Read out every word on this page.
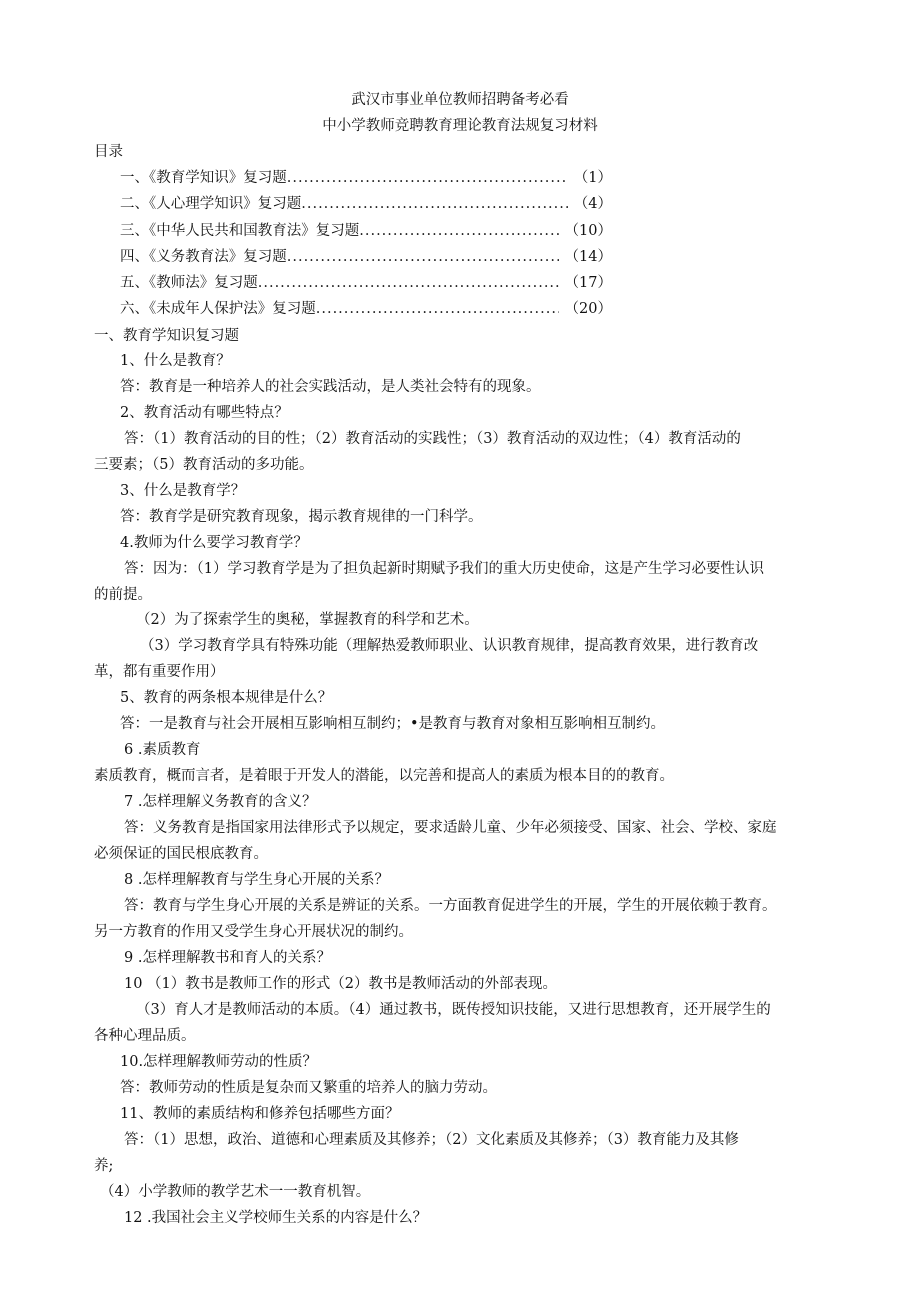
武汉市事业单位教师招聘备考必看
中小学教师竞聘教育理论教育法规复习材料
目录
一、《教育学知识》复习题 .....	（1）
二、《人心理学知识》复习题 .....	（4）
三、《中华人民共和国教育法》复习题 .....	（10）
四、《义务教育法》复习题 .....	（14）
五、《教师法》复习题 .....	（17）
六、《未成年人保护法》复习题 .....	（20）
一、教育学知识复习题
1、什么是教育？
答：教育是一种培养人的社会实践活动，是人类社会特有的现象。
2、教育活动有哪些特点？
答：（1）教育活动的目的性；（2）教育活动的实践性；（3）教育活动的双边性；（4）教育活动的
三要素；（5）教育活动的多功能。
3、什么是教育学？
答：教育学是研究教育现象，揭示教育规律的一门科学。
4.教师为什么要学习教育学？
答：因为：（1）学习教育学是为了担负起新时期赋予我们的重大历史使命，这是产生学习必要性认识
的前提。
（2）为了探索学生的奥秘，掌握教育的科学和艺术。
（3）学习教育学具有特殊功能（理解热爱教师职业、认识教育规律，提高教育效果，进行教育改
革，都有重要作用）
5、教育的两条根本规律是什么？
答：一是教育与社会开展相互影响相互制约；•是教育与教育对象相互影响相互制约。
6 .素质教育
素质教育，概而言者，是着眼于开发人的潜能，以完善和提高人的素质为根本目的的教育。
7 .怎样理解义务教育的含义？
答：义务教育是指国家用法律形式予以规定，要求适龄儿童、少年必须接受、国家、社会、学校、家庭
必须保证的国民根底教育。
8 .怎样理解教育与学生身心开展的关系？
答：教育与学生身心开展的关系是辨证的关系。一方面教育促进学生的开展，学生的开展依赖于教育。
另一方教育的作用又受学生身心开展状况的制约。
9 .怎样理解教书和育人的关系？
10 （1）教书是教师工作的形式（2）教书是教师活动的外部表现。
（3）育人才是教师活动的本质。（4）通过教书，既传授知识技能，又进行思想教育，还开展学生的
各种心理品质。
10.怎样理解教师劳动的性质？
答：教师劳动的性质是复杂而又繁重的培养人的脑力劳动。
11、教师的素质结构和修养包括哪些方面？
答：（1）思想，政治、道德和心理素质及其修养；（2）文化素质及其修养；（3）教育能力及其修
养;
（4）小学教师的教学艺术一一教育机智。
12 .我国社会主义学校师生关系的内容是什么？
